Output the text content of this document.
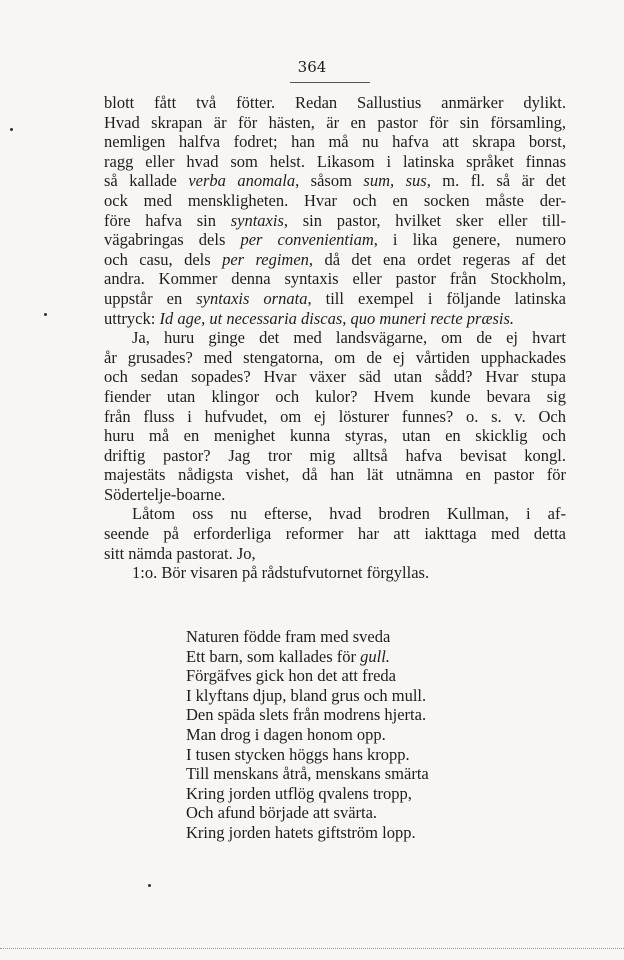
364
blott fått två fötter. Redan Sallustius anmärker dylikt.
Hvad skrapan är för hästen, är en pastor för sin församling,
nemligen halfva fodret; han må nu hafva att skrapa borst,
ragg eller hvad som helst. Likasom i latinska språket finnas
så kallade verba anomala, såsom sum, sus, m. fl. så är det
ock med menskligheten. Hvar och en socken måste der-
före hafva sin syntaxis, sin pastor, hvilket sker eller till-
vägabringas dels per convenientiam, i lika genere, numero
och casu, dels per regimen, då det ena ordet regeras af det
andra. Kommer denna syntaxis eller pastor från Stockholm,
uppstår en syntaxis ornata, till exempel i följande latinska
uttryck: Id age, ut necessaria discas, quo muneri recte præsis.
Ja, huru ginge det med landsvägarne, om de ej hvart
år grusades? med stengatorna, om de ej vårtiden upphackades
och sedan sopades? Hvar växer säd utan sådd? Hvar stupa
fiender utan klingor och kulor? Hvem kunde bevara sig
från fluss i hufvudet, om ej lösturer funnes? o. s. v. Och
huru må en menighet kunna styras, utan en skicklig och
driftig pastor? Jag tror mig alltså hafva bevisat kongl.
majestäts nådigsta vishet, då han lät utnämna en pastor för
Södertelje-boarne.
Låtom oss nu efterse, hvad brodren Kullman, i af-
seende på erforderliga reformer har att iakttaga med detta
sitt nämda pastorat. Jo,
1:o. Bör visaren på rådstufvutornet förgyllas.
Naturen födde fram med sveda
Ett barn, som kallades för gull.
Förgäfves gick hon det att freda
I klyftans djup, bland grus och mull.
Den späda slets från modrens hjerta.
Man drog i dagen honom opp.
I tusen stycken höggs hans kropp.
Till menskans åtrå, menskans smärta
Kring jorden utflög qvalens tropp,
Och afund började att svärta.
Kring jorden hatets giftström lopp.
